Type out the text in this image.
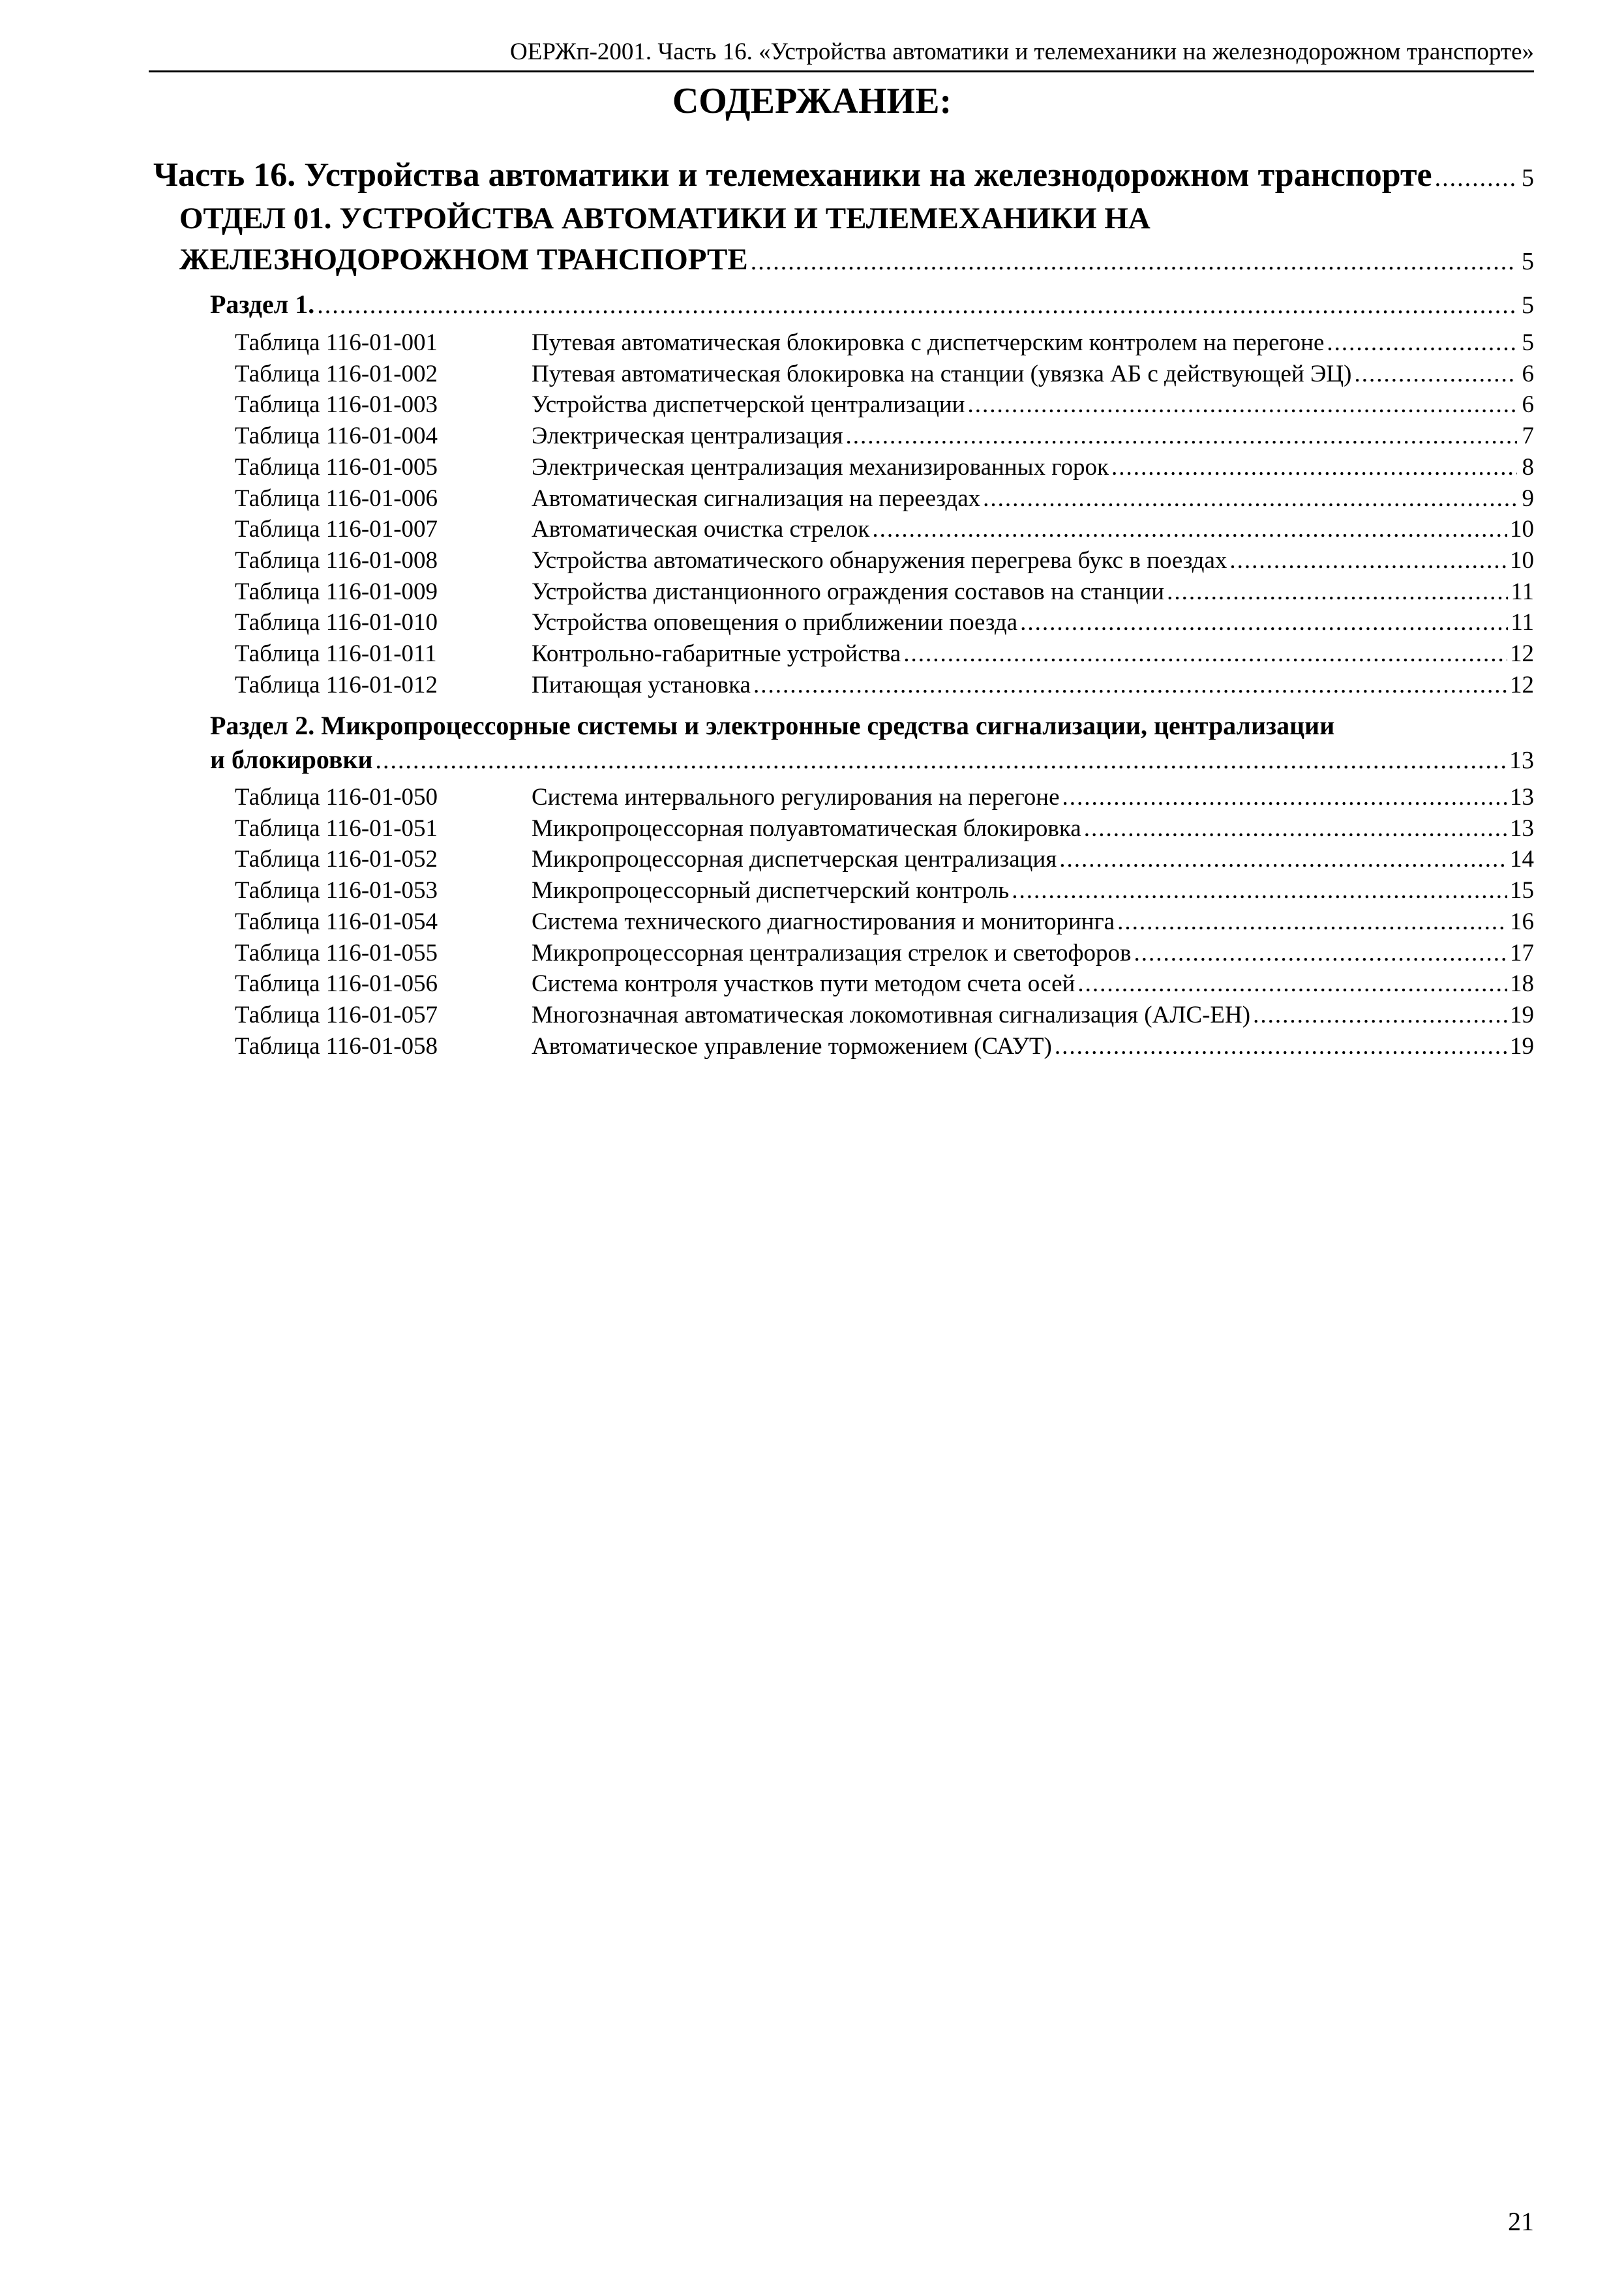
ОЕРЖп-2001. Часть 16. «Устройства автоматики и телемеханики на железнодорожном транспорте»
СОДЕРЖАНИЕ:
Часть 16. Устройства автоматики и телемеханики на железнодорожном транспорте .....	5
ОТДЕЛ 01. УСТРОЙСТВА АВТОМАТИКИ И ТЕЛЕМЕХАНИКИ НА
ЖЕЛЕЗНОДОРОЖНОМ ТРАНСПОРТЕ .....	5
Раздел 1. .....	5
Таблица 116-01-001	Путевая автоматическая блокировка с диспетчерским контролем на перегоне .....	5
Таблица 116-01-002	Путевая автоматическая блокировка на станции (увязка АБ с действующей ЭЦ) .....	6
Таблица 116-01-003	Устройства диспетчерской централизации .....	6
Таблица 116-01-004	Электрическая централизация .....	7
Таблица 116-01-005	Электрическая централизация механизированных горок .....	8
Таблица 116-01-006	Автоматическая сигнализация на переездах .....	9
Таблица 116-01-007	Автоматическая очистка стрелок .....	10
Таблица 116-01-008	Устройства автоматического обнаружения перегрева букс в поездах .....	10
Таблица 116-01-009	Устройства дистанционного ограждения составов на станции .....	11
Таблица 116-01-010	Устройства оповещения о приближении поезда .....	11
Таблица 116-01-011	Контрольно-габаритные устройства .....	12
Таблица 116-01-012	Питающая установка .....	12
Раздел 2. Микропроцессорные системы и электронные средства сигнализации, централизации
и блокировки .....	13
Таблица 116-01-050	Система интервального регулирования на перегоне .....	13
Таблица 116-01-051	Микропроцессорная полуавтоматическая блокировка .....	13
Таблица 116-01-052	Микропроцессорная диспетчерская централизация .....	14
Таблица 116-01-053	Микропроцессорный диспетчерский контроль .....	15
Таблица 116-01-054	Система технического диагностирования и мониторинга .....	16
Таблица 116-01-055	Микропроцессорная централизация стрелок и светофоров .....	17
Таблица 116-01-056	Система контроля участков пути методом счета осей .....	18
Таблица 116-01-057	Многозначная автоматическая локомотивная сигнализация (АЛС-ЕН) .....	19
Таблица 116-01-058	Автоматическое управление торможением (САУТ) .....	19
21
